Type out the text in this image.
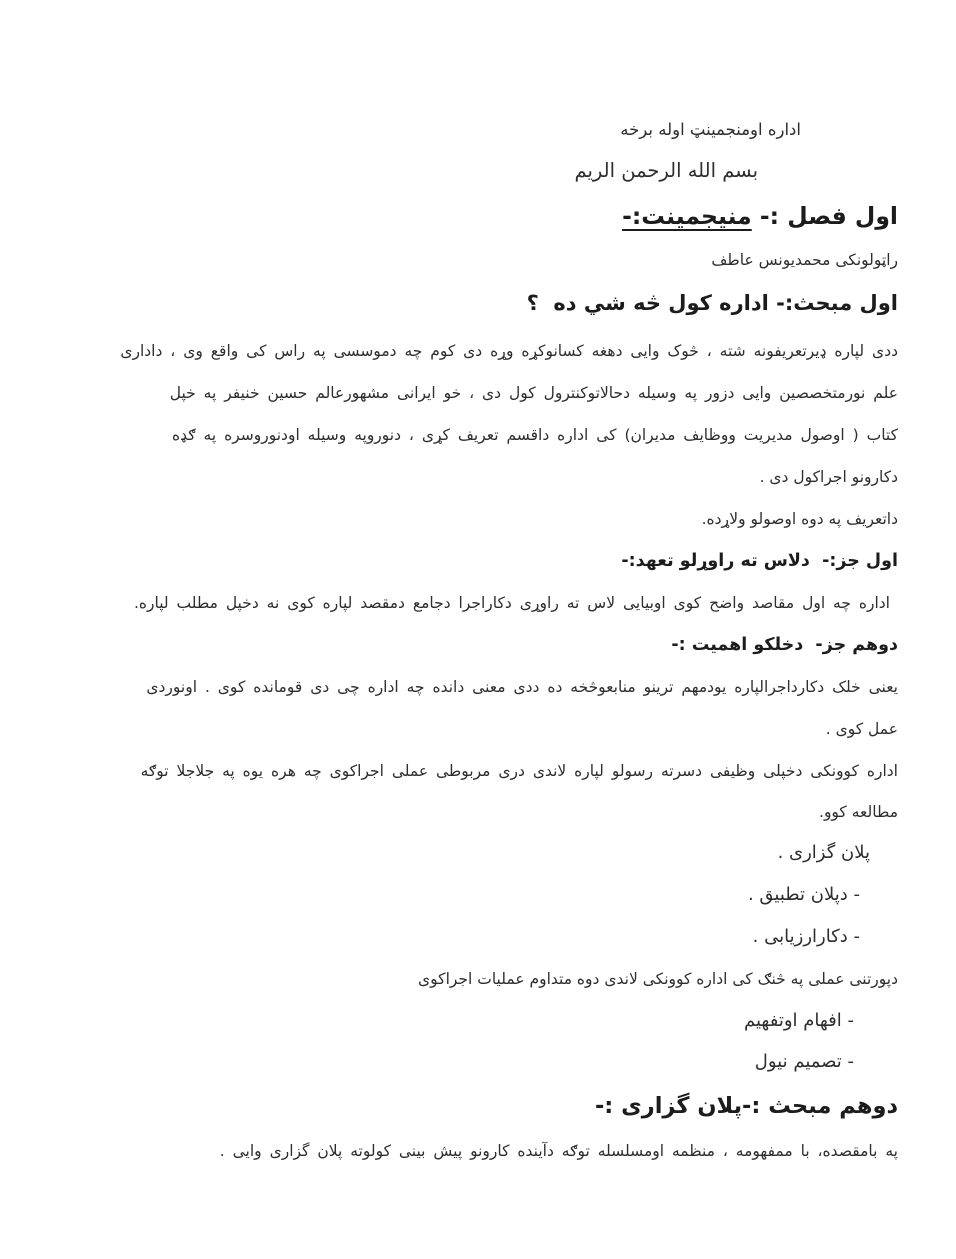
اداره اومنجمينټ اوله برخه
بسم الله الرحمن الريم
اول فصل :- منيجمينت:-
راټولونکی محمديونس عاطف
اول مبحث:- اداره کول څه شي ده  ؟
ددی لپاره ډيرتعريفونه شته ، څوک وايی دهغه کسانوکړه وړه دی کوم چه دموسسی په راس کی واقع وی ، داداری
علم نورمتخصصين وايی دزور په وسيله دحالاتوکنترول کول دی ، خو ايرانی مشهورعالم حسين خنيفر په خپل
کتاب ( اوصول مديريت ووظايف مديران) کی اداره داقسم تعريف کړی ، دنوروپه وسيله اودنوروسره په ګډه
دکارونو اجراکول دی .
داتعريف په دوه اوصولو ولاړده.
اول جز:-  دلاس ته راوړلو تعهد:-
اداره چه اول مقاصد واضح کوی اوبيايی لاس ته راوړی دکاراجرا دجامع دمقصد لپاره کوی نه دخپل مطلب لپاره.
دوهم جز-  دخلکو اهميت :-
يعنی خلک دکارداجرالپاره يودمهم ترينو منابعوڅخه ده ددی معنی دانده چه اداره چی دی قومانده کوی . اونوردی
عمل کوی .
اداره کوونکی دخپلی وظيفی دسرته رسولو لپاره لاندی دری مربوطی عملی اجراکوی چه هره يوه په جلاجلا توګه
مطالعه کوو.
پلان گزاری .
- دپلان تطبيق .
- دکارارزيابی .
دپورتنی عملی په څنګ کی اداره کوونکی لاندی دوه متداوم عمليات اجراکوی
- افهام اوتفهيم
- تصميم نيول
دوهم مبحث :-پلان گزاری :-
په بامقصده، با ممفهومه ، منظمه اومسلسله توګه دآينده کارونو پيش بينی کولوته پلان گزاری وايی .
